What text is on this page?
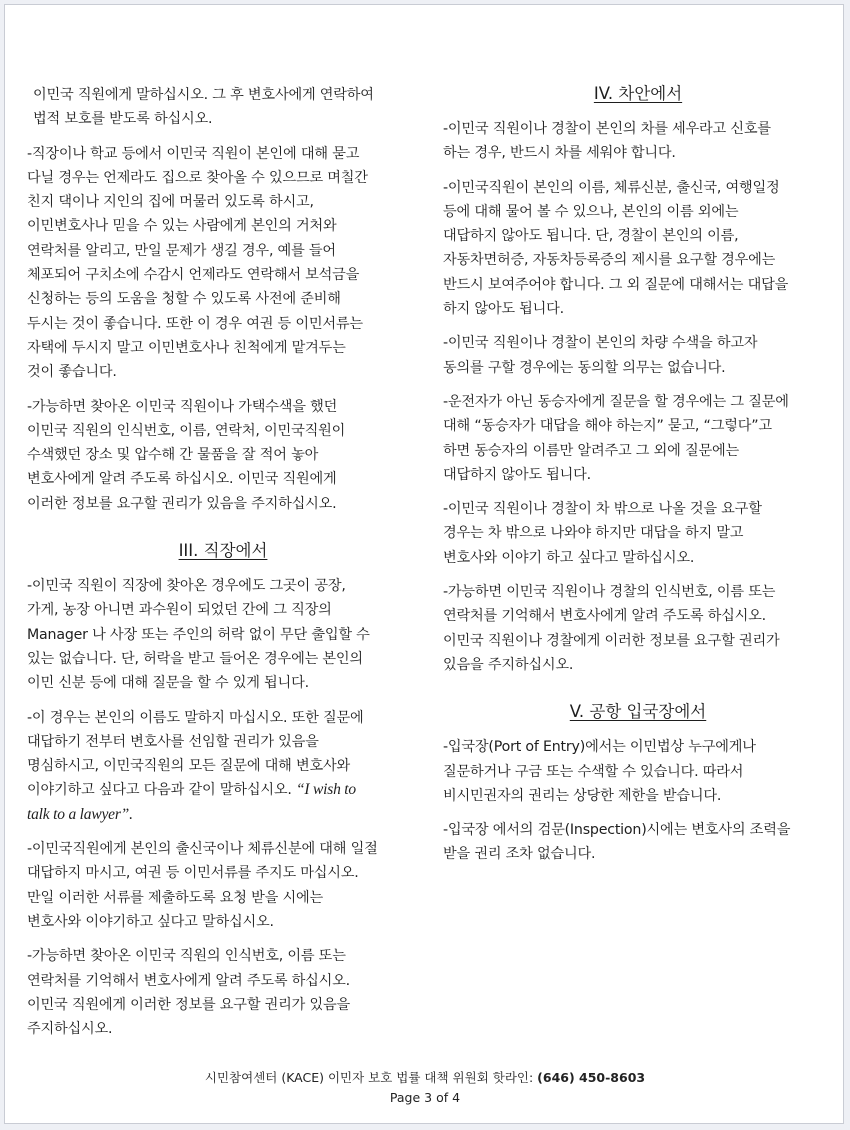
이민국 직원에게 말하십시오. 그 후 변호사에게 연락하여
법적 보호를 받도록 하십시오.

-직장이나 학교 등에서 이민국 직원이 본인에 대해 묻고
다닐 경우는 언제라도 집으로 찾아올 수 있으므로 며칠간
친지 댁이나 지인의 집에 머물러 있도록 하시고,
이민변호사나 믿을 수 있는 사람에게 본인의 거처와
연락처를 알리고, 만일 문제가 생길 경우, 예를 들어
체포되어 구치소에 수감시 언제라도 연락해서 보석금을
신청하는 등의 도움을 청할 수 있도록 사전에 준비해
두시는 것이 좋습니다. 또한 이 경우 여권 등 이민서류는
자택에 두시지 말고 이민변호사나 친척에게 맡겨두는
것이 좋습니다.

-가능하면 찾아온 이민국 직원이나 가택수색을 했던
이민국 직원의 인식번호, 이름, 연락처, 이민국직원이
수색했던 장소 및 압수해 간 물품을 잘 적어 놓아
변호사에게 알려 주도록 하십시오. 이민국 직원에게
이러한 정보를 요구할 권리가 있음을 주지하십시오.

III. 직장에서

-이민국 직원이 직장에 찾아온 경우에도 그곳이 공장,
가게, 농장 아니면 과수원이 되었던 간에 그 직장의
Manager 나 사장 또는 주인의 허락 없이 무단 출입할 수
있는 없습니다. 단, 허락을 받고 들어온 경우에는 본인의
이민 신분 등에 대해 질문을 할 수 있게 됩니다.

-이 경우는 본인의 이름도 말하지 마십시오. 또한 질문에
대답하기 전부터 변호사를 선임할 권리가 있음을
명심하시고, 이민국직원의 모든 질문에 대해 변호사와
이야기하고 싶다고 다음과 같이 말하십시오. “I wish to
talk to a lawyer”.

-이민국직원에게 본인의 출신국이나 체류신분에 대해 일절
대답하지 마시고, 여권 등 이민서류를 주지도 마십시오.
만일 이러한 서류를 제출하도록 요청 받을 시에는
변호사와 이야기하고 싶다고 말하십시오.

-가능하면 찾아온 이민국 직원의 인식번호, 이름 또는
연락처를 기억해서 변호사에게 알려 주도록 하십시오.
이민국 직원에게 이러한 정보를 요구할 권리가 있음을
주지하십시오.

IV. 차안에서

-이민국 직원이나 경찰이 본인의 차를 세우라고 신호를
하는 경우, 반드시 차를 세워야 합니다.

-이민국직원이 본인의 이름, 체류신분, 출신국, 여행일정
등에 대해 물어 볼 수 있으나, 본인의 이름 외에는
대답하지 않아도 됩니다. 단, 경찰이 본인의 이름,
자동차면허증, 자동차등록증의 제시를 요구할 경우에는
반드시 보여주어야 합니다. 그 외 질문에 대해서는 대답을
하지 않아도 됩니다.

-이민국 직원이나 경찰이 본인의 차량 수색을 하고자
동의를 구할 경우에는 동의할 의무는 없습니다.

-운전자가 아닌 동승자에게 질문을 할 경우에는 그 질문에
대해 “동승자가 대답을 해야 하는지” 묻고, “그렇다”고
하면 동승자의 이름만 알려주고 그 외에 질문에는
대답하지 않아도 됩니다.

-이민국 직원이나 경찰이 차 밖으로 나올 것을 요구할
경우는 차 밖으로 나와야 하지만 대답을 하지 말고
변호사와 이야기 하고 싶다고 말하십시오.

-가능하면 이민국 직원이나 경찰의 인식번호, 이름 또는
연락처를 기억해서 변호사에게 알려 주도록 하십시오.
이민국 직원이나 경찰에게 이러한 정보를 요구할 권리가
있음을 주지하십시오.

V. 공항 입국장에서

-입국장(Port of Entry)에서는 이민법상 누구에게나
질문하거나 구금 또는 수색할 수 있습니다. 따라서
비시민권자의 권리는 상당한 제한을 받습니다.

-입국장 에서의 검문(Inspection)시에는 변호사의 조력을
받을 권리 조차 없습니다.

시민참여센터 (KACE) 이민자 보호 법률 대책 위원회 핫라인: (646) 450-8603
Page 3 of 4
